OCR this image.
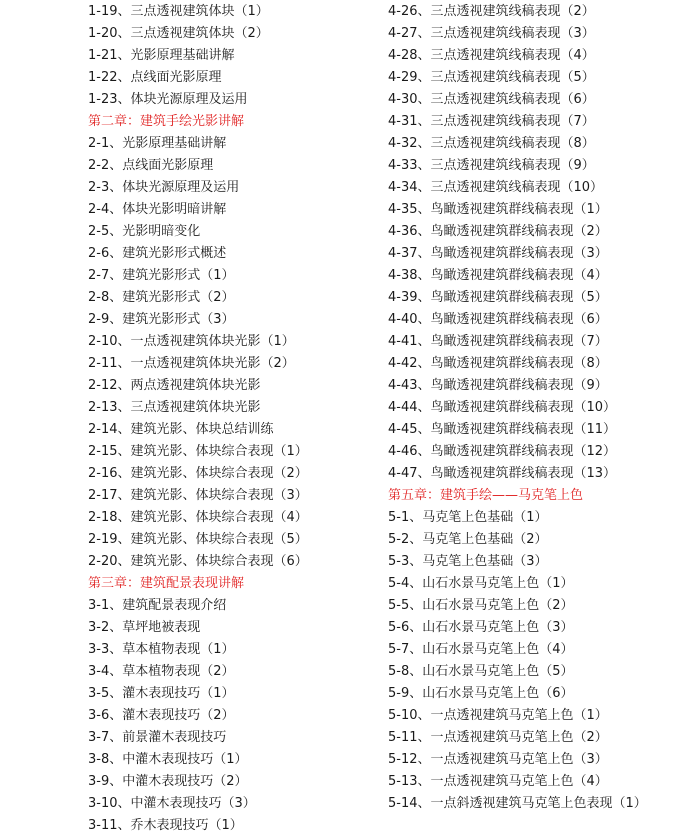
1-19、三点透视建筑体块（1）
1-20、三点透视建筑体块（2）
1-21、光影原理基础讲解
1-22、点线面光影原理
1-23、体块光源原理及运用
第二章：建筑手绘光影讲解
2-1、光影原理基础讲解
2-2、点线面光影原理
2-3、体块光源原理及运用
2-4、体块光影明暗讲解
2-5、光影明暗变化
2-6、建筑光影形式概述
2-7、建筑光影形式（1）
2-8、建筑光影形式（2）
2-9、建筑光影形式（3）
2-10、一点透视建筑体块光影（1）
2-11、一点透视建筑体块光影（2）
2-12、两点透视建筑体块光影
2-13、三点透视建筑体块光影
2-14、建筑光影、体块总结训练
2-15、建筑光影、体块综合表现（1）
2-16、建筑光影、体块综合表现（2）
2-17、建筑光影、体块综合表现（3）
2-18、建筑光影、体块综合表现（4）
2-19、建筑光影、体块综合表现（5）
2-20、建筑光影、体块综合表现（6）
第三章：建筑配景表现讲解
3-1、建筑配景表现介绍
3-2、草坪地被表现
3-3、草本植物表现（1）
3-4、草本植物表现（2）
3-5、灌木表现技巧（1）
3-6、灌木表现技巧（2）
3-7、前景灌木表现技巧
3-8、中灌木表现技巧（1）
3-9、中灌木表现技巧（2）
3-10、中灌木表现技巧（3）
3-11、乔木表现技巧（1）
4-26、三点透视建筑线稿表现（2）
4-27、三点透视建筑线稿表现（3）
4-28、三点透视建筑线稿表现（4）
4-29、三点透视建筑线稿表现（5）
4-30、三点透视建筑线稿表现（6）
4-31、三点透视建筑线稿表现（7）
4-32、三点透视建筑线稿表现（8）
4-33、三点透视建筑线稿表现（9）
4-34、三点透视建筑线稿表现（10）
4-35、鸟瞰透视建筑群线稿表现（1）
4-36、鸟瞰透视建筑群线稿表现（2）
4-37、鸟瞰透视建筑群线稿表现（3）
4-38、鸟瞰透视建筑群线稿表现（4）
4-39、鸟瞰透视建筑群线稿表现（5）
4-40、鸟瞰透视建筑群线稿表现（6）
4-41、鸟瞰透视建筑群线稿表现（7）
4-42、鸟瞰透视建筑群线稿表现（8）
4-43、鸟瞰透视建筑群线稿表现（9）
4-44、鸟瞰透视建筑群线稿表现（10）
4-45、鸟瞰透视建筑群线稿表现（11）
4-46、鸟瞰透视建筑群线稿表现（12）
4-47、鸟瞰透视建筑群线稿表现（13）
第五章：建筑手绘——马克笔上色
5-1、马克笔上色基础（1）
5-2、马克笔上色基础（2）
5-3、马克笔上色基础（3）
5-4、山石水景马克笔上色（1）
5-5、山石水景马克笔上色（2）
5-6、山石水景马克笔上色（3）
5-7、山石水景马克笔上色（4）
5-8、山石水景马克笔上色（5）
5-9、山石水景马克笔上色（6）
5-10、一点透视建筑马克笔上色（1）
5-11、一点透视建筑马克笔上色（2）
5-12、一点透视建筑马克笔上色（3）
5-13、一点透视建筑马克笔上色（4）
5-14、一点斜透视建筑马克笔上色表现（1）
